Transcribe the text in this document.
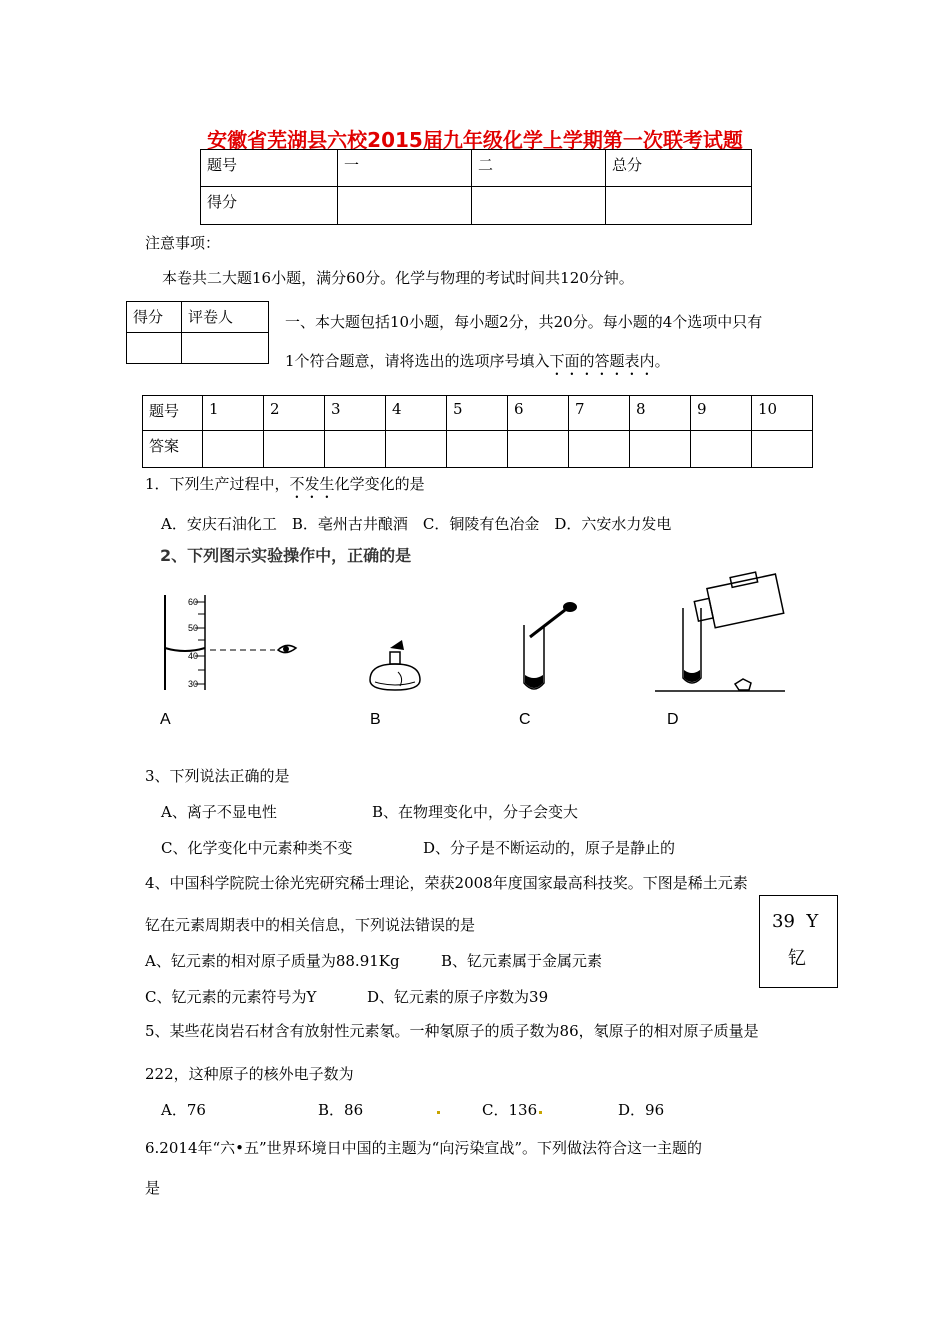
安徽省芜湖县六校2015届九年级化学上学期第一次联考试题
题号	一	二	总分
得分			
注意事项：
本卷共二大题16小题，满分60分。化学与物理的考试时间共120分钟。
得分	评卷人
		一、本大题包括10小题，每小题2分，共20分。每小题的4个选项中只有
1个符合题意，请将选出的选项序号填入下面的答题表内。
题号	1	2	3	4	5	6	7	8	9	10
答案										
1．下列生产过程中，不发生化学变化的是
A．安庆石油化工　B．亳州古井酿酒　C．铜陵有色冶金　D．六安水力发电
2、下列图示实验操作中，正确的是
60
50
40
30
A	B	C	D
3、下列说法正确的是
A、离子不显电性	B、在物理变化中，分子会变大
C、化学变化中元素种类不变	D、分子是不断运动的，原子是静止的
4、中国科学院院士徐光宪研究稀士理论，荣获2008年度国家最高科技奖。下图是稀土元素
钇在元素周期表中的相关信息，下列说法错误的是
A、钇元素的相对原子质量为88.91Kg	B、钇元素属于金属元素
C、钇元素的元素符号为Y	D、钇元素的原子序数为39
39  Y
钇
5、某些花岗岩石材含有放射性元素氡。一种氡原子的质子数为86，氡原子的相对原子质量是
222，这种原子的核外电子数为
A．76	B．86	C．136	D．96
6.2014年“六•五”世界环境日中国的主题为“向污染宣战”。下列做法符合这一主题的
是
